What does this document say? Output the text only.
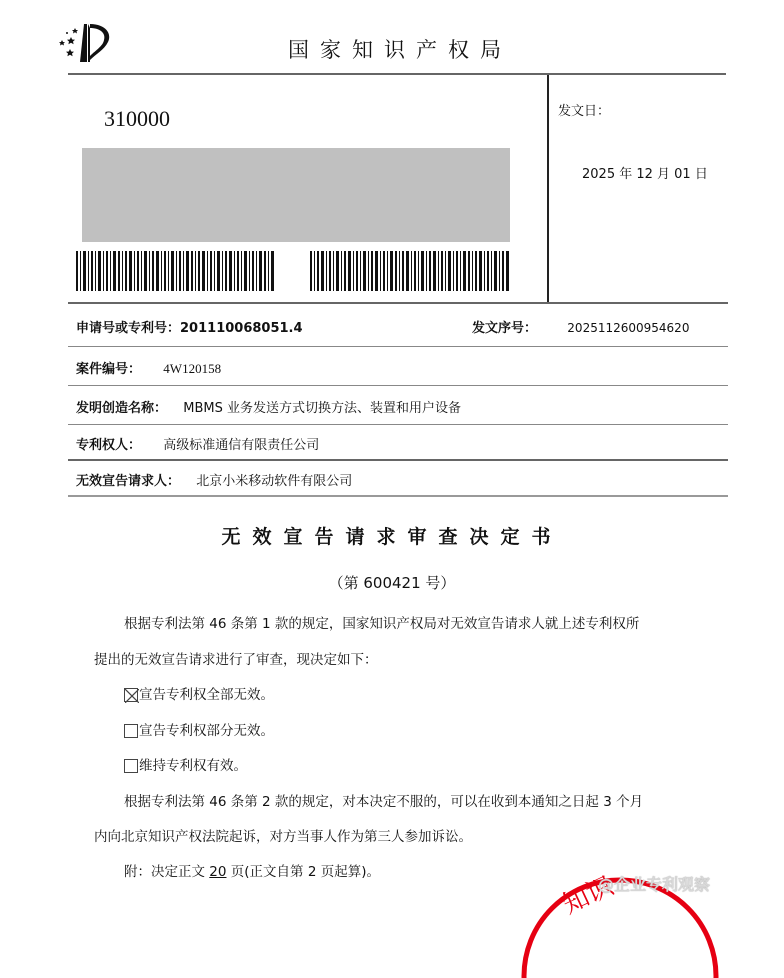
国家知识产权局
310000	发文日：
2025 年 12 月 01 日
申请号或专利号：201110068051.4	发文序号：	2025112600954620
案件编号： 4W120158
发明创造名称： MBMS 业务发送方式切换方法、装置和用户设备
专利权人： 高级标准通信有限责任公司
无效宣告请求人： 北京小米移动软件有限公司
无效宣告请求审查决定书
（第 600421 号）
根据专利法第 46 条第 1 款的规定，国家知识产权局对无效宣告请求人就上述专利权所
提出的无效宣告请求进行了审查，现决定如下：
宣告专利权全部无效。
宣告专利权部分无效。
维持专利权有效。
根据专利法第 46 条第 2 款的规定，对本决定不服的，可以在收到本通知之日起 3 个月
内向北京知识产权法院起诉，对方当事人作为第三人参加诉讼。
附：决定正文 20 页(正文自第 2 页起算)。	知识
@企业专利观察
